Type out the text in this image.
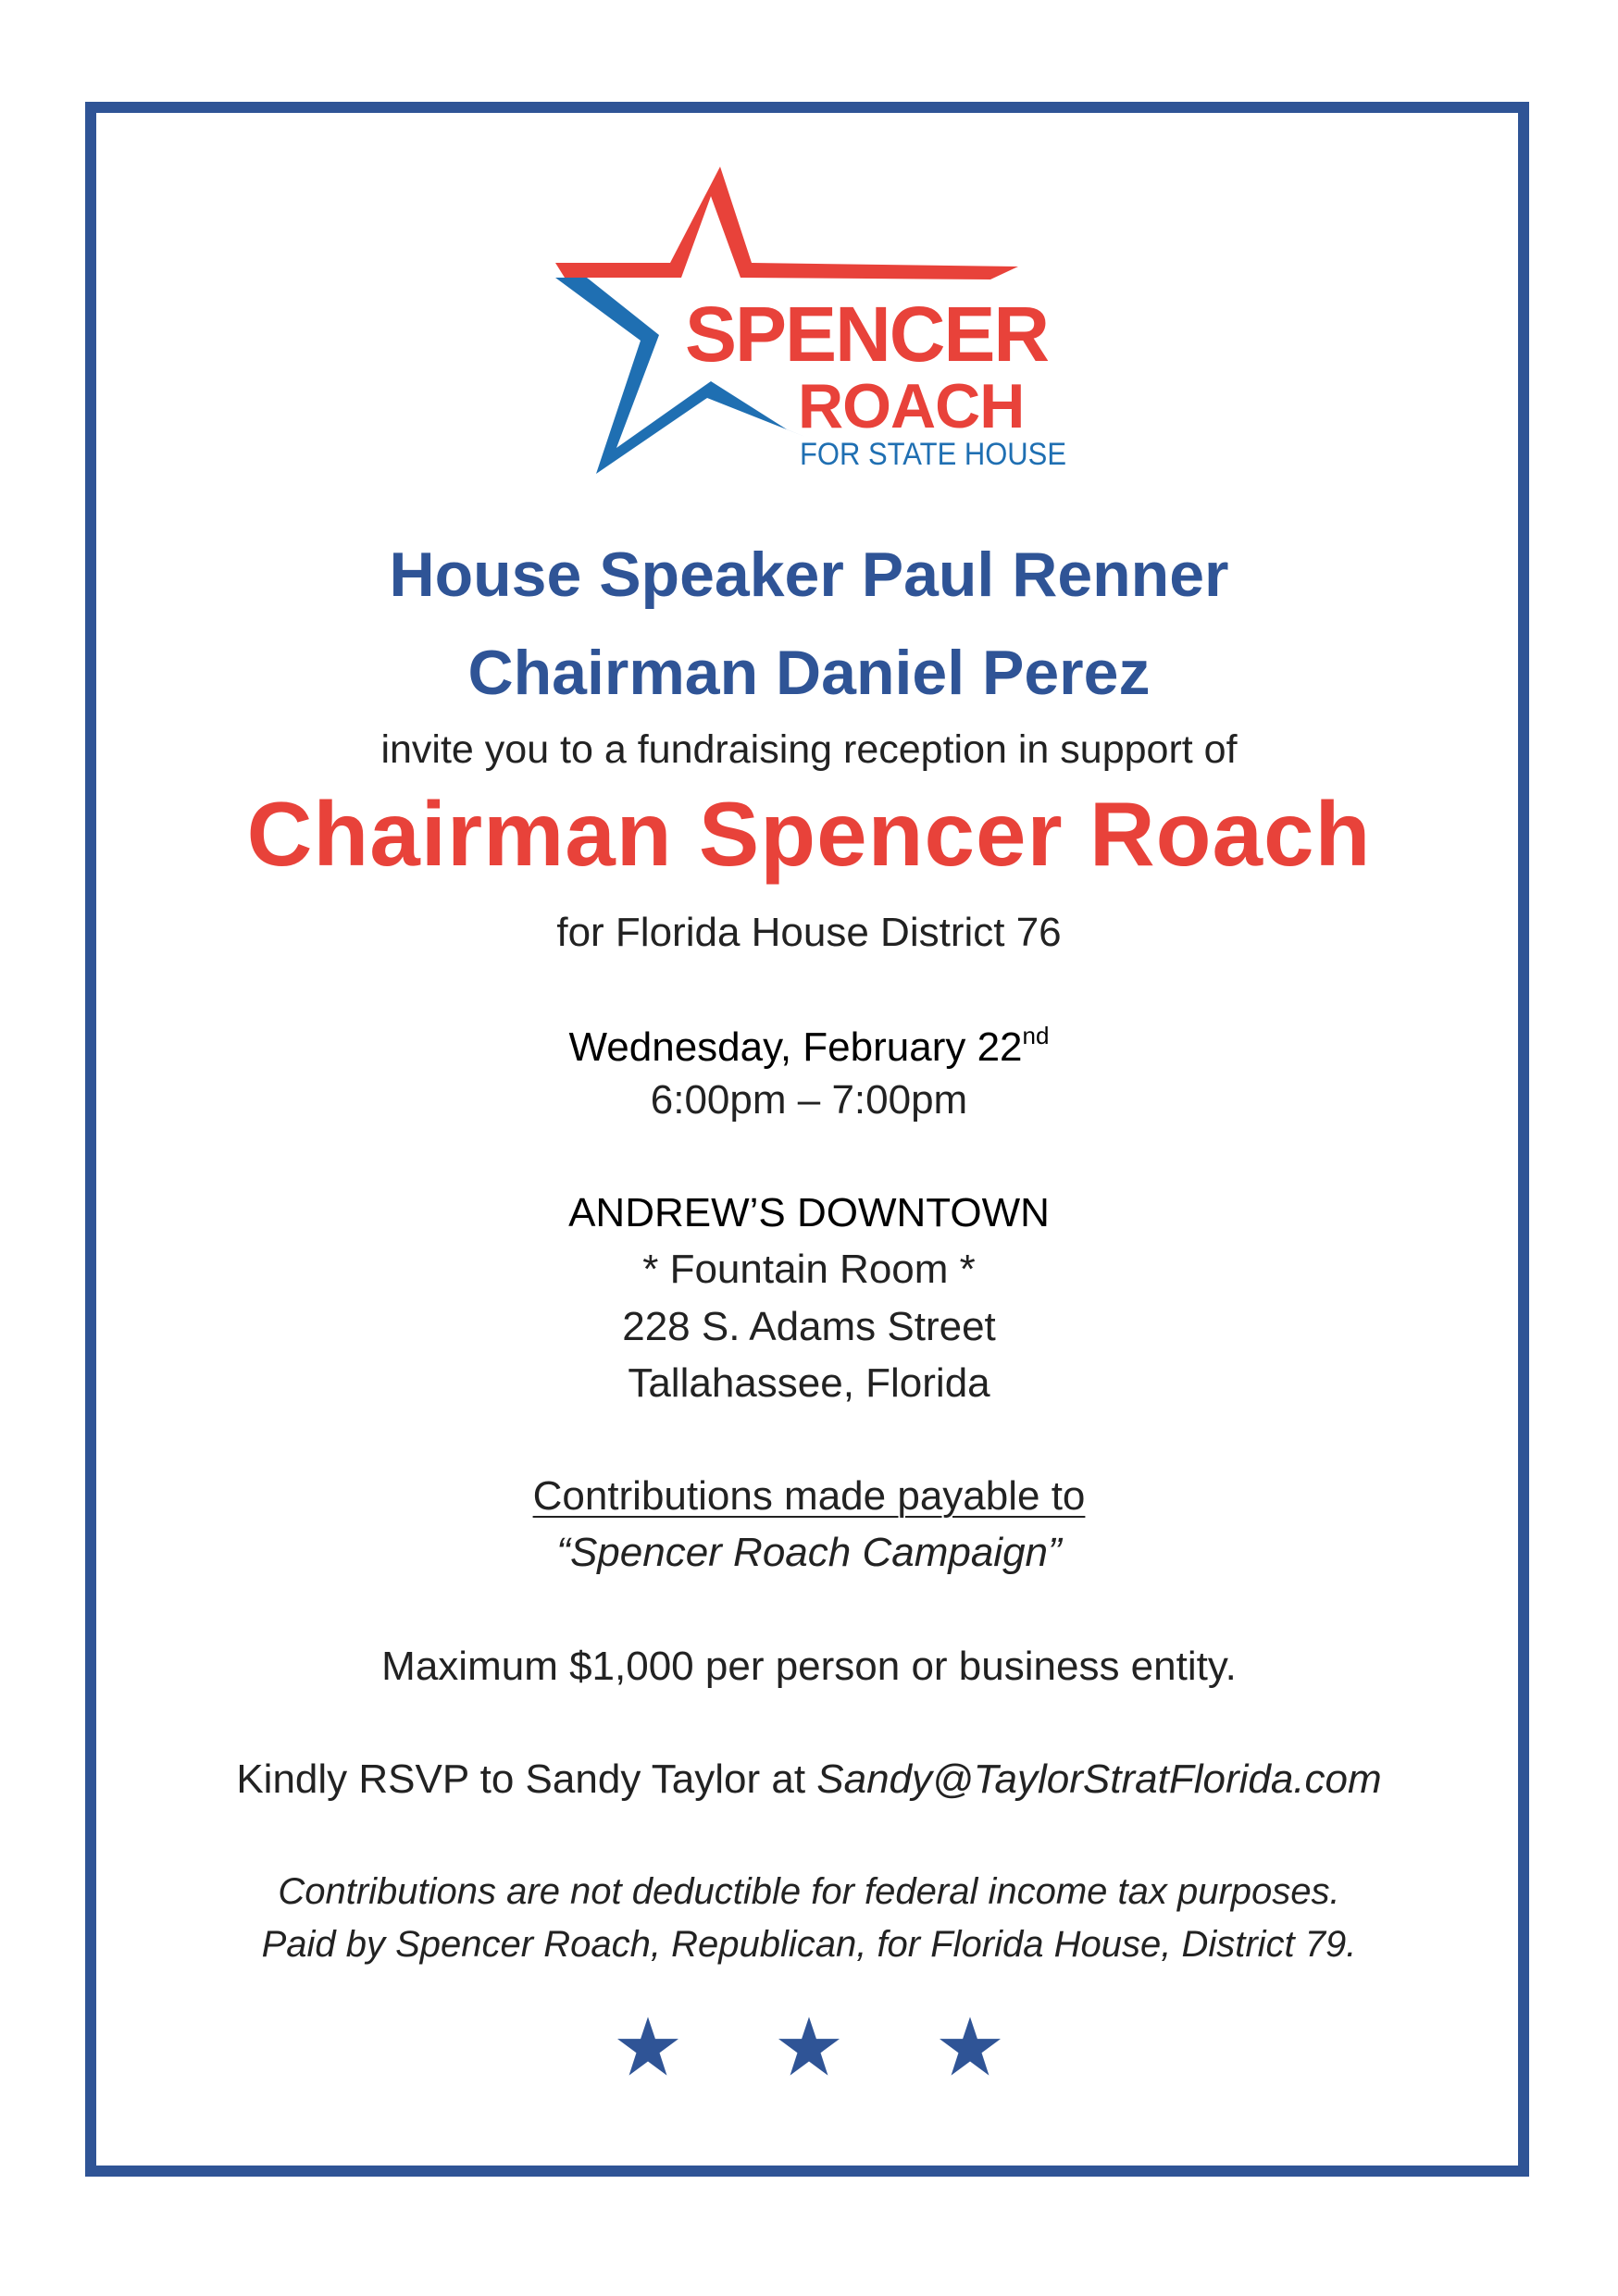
SPENCER
ROACH
FOR STATE HOUSE
House Speaker Paul Renner
Chairman Daniel Perez
invite you to a fundraising reception in support of
Chairman Spencer Roach
for Florida House District 76
Wednesday, February 22nd
6:00pm – 7:00pm
ANDREW’S DOWNTOWN
* Fountain Room *
228 S. Adams Street
Tallahassee, Florida
Contributions made payable to
“Spencer Roach Campaign”
Maximum $1,000 per person or business entity.
Kindly RSVP to Sandy Taylor at Sandy@TaylorStratFlorida.com
Contributions are not deductible for federal income tax purposes.
Paid by Spencer Roach, Republican, for Florida House, District 79.
